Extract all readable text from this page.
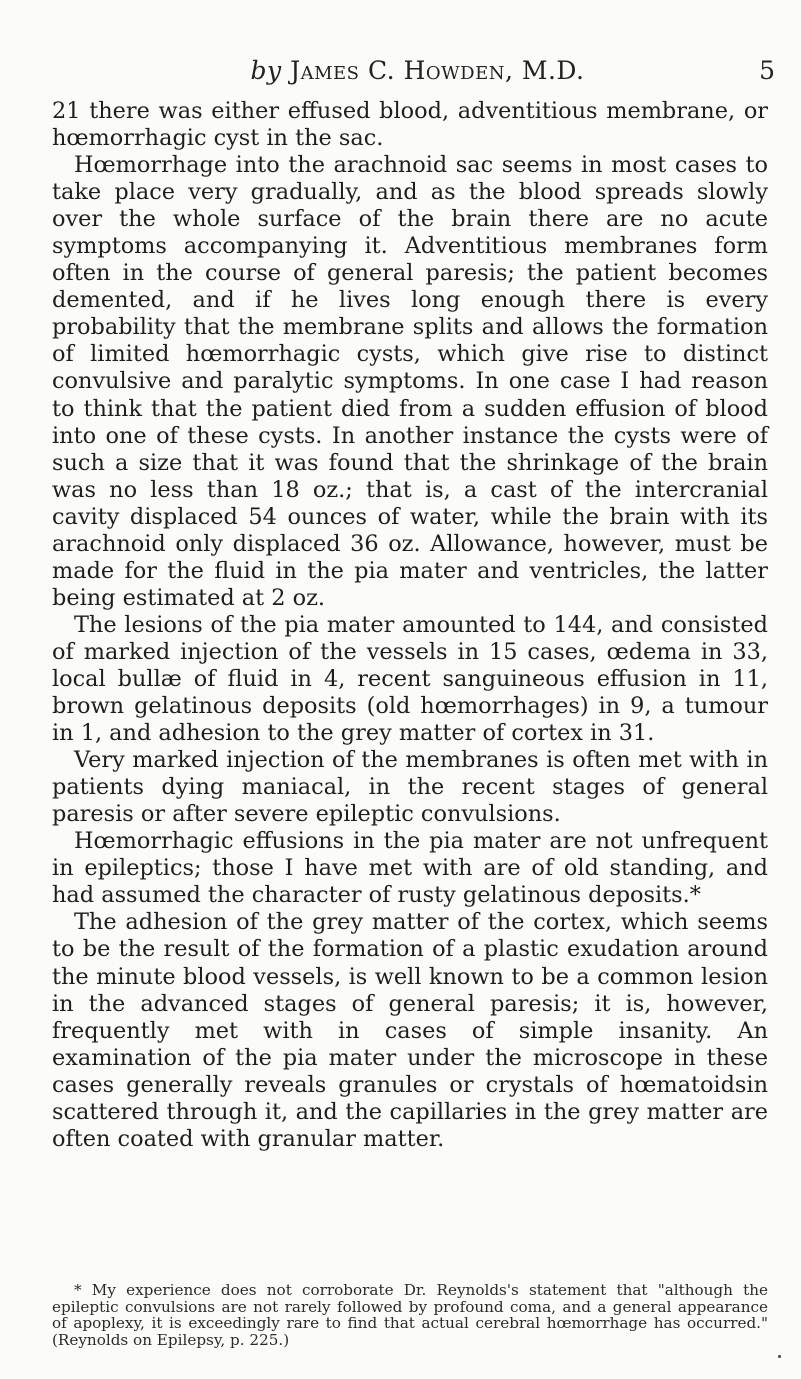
by James C. Howden, M.D.	5

21 there was either effused blood, adventitious membrane, or hœmorrhagic cyst in the sac.

Hœmorrhage into the arachnoid sac seems in most cases to take place very gradually, and as the blood spreads slowly over the whole surface of the brain there are no acute symptoms accompanying it. Adventitious membranes form often in the course of general paresis; the patient becomes demented, and if he lives long enough there is every probability that the membrane splits and allows the formation of limited hœmorrhagic cysts, which give rise to distinct convulsive and paralytic symptoms. In one case I had reason to think that the patient died from a sudden effusion of blood into one of these cysts. In another instance the cysts were of such a size that it was found that the shrinkage of the brain was no less than 18 oz.; that is, a cast of the intercranial cavity displaced 54 ounces of water, while the brain with its arachnoid only displaced 36 oz. Allowance, however, must be made for the fluid in the pia mater and ventricles, the latter being estimated at 2 oz.

The lesions of the pia mater amounted to 144, and consisted of marked injection of the vessels in 15 cases, œdema in 33, local bullæ of fluid in 4, recent sanguineous effusion in 11, brown gelatinous deposits (old hœmorrhages) in 9, a tumour in 1, and adhesion to the grey matter of cortex in 31.

Very marked injection of the membranes is often met with in patients dying maniacal, in the recent stages of general paresis or after severe epileptic convulsions.

Hœmorrhagic effusions in the pia mater are not unfrequent in epileptics; those I have met with are of old standing, and had assumed the character of rusty gelatinous deposits.*

The adhesion of the grey matter of the cortex, which seems to be the result of the formation of a plastic exudation around the minute blood vessels, is well known to be a common lesion in the advanced stages of general paresis; it is, however, frequently met with in cases of simple insanity. An examination of the pia mater under the microscope in these cases generally reveals granules or crystals of hœmatoidsin scattered through it, and the capillaries in the grey matter are often coated with granular matter.

* My experience does not corroborate Dr. Reynolds's statement that "although the epileptic convulsions are not rarely followed by profound coma, and a general appearance of apoplexy, it is exceedingly rare to find that actual cerebral hœmorrhage has occurred." (Reynolds on Epilepsy, p. 225.)
